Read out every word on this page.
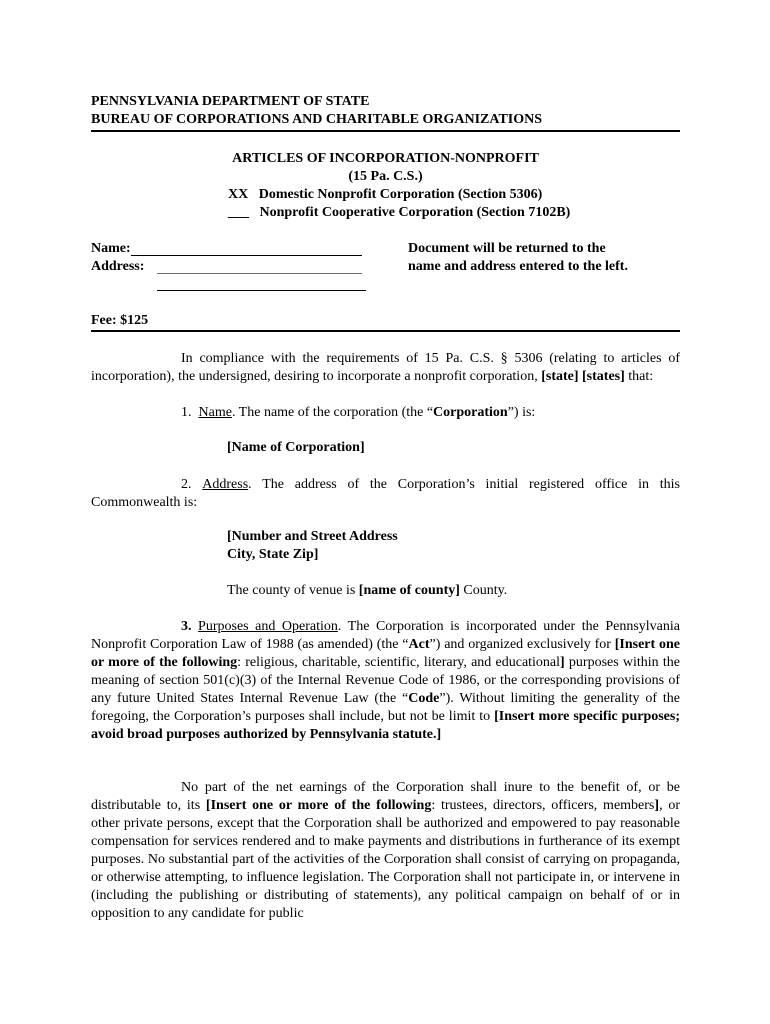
PENNSYLVANIA DEPARTMENT OF STATE
BUREAU OF CORPORATIONS AND CHARITABLE ORGANIZATIONS
ARTICLES OF INCORPORATION-NONPROFIT
(15 Pa. C.S.)
XX Domestic Nonprofit Corporation (Section 5306)
___ Nonprofit Cooperative Corporation (Section 7102B)
Name:
Address:
Document will be returned to the
name and address entered to the left.
Fee: $125
In compliance with the requirements of 15 Pa. C.S. § 5306 (relating to articles of incorporation), the undersigned, desiring to incorporate a nonprofit corporation, [state] [states] that:
1. Name. The name of the corporation (the “Corporation”) is:
[Name of Corporation]
2. Address. The address of the Corporation’s initial registered office in this Commonwealth is:
[Number and Street Address
City, State Zip]
The county of venue is [name of county] County.
3. Purposes and Operation. The Corporation is incorporated under the Pennsylvania Nonprofit Corporation Law of 1988 (as amended) (the “Act”) and organized exclusively for [Insert one or more of the following: religious, charitable, scientific, literary, and educational] purposes within the meaning of section 501(c)(3) of the Internal Revenue Code of 1986, or the corresponding provisions of any future United States Internal Revenue Law (the “Code”). Without limiting the generality of the foregoing, the Corporation’s purposes shall include, but not be limit to [Insert more specific purposes; avoid broad purposes authorized by Pennsylvania statute.]
No part of the net earnings of the Corporation shall inure to the benefit of, or be distributable to, its [Insert one or more of the following: trustees, directors, officers, members], or other private persons, except that the Corporation shall be authorized and empowered to pay reasonable compensation for services rendered and to make payments and distributions in furtherance of its exempt purposes. No substantial part of the activities of the Corporation shall consist of carrying on propaganda, or otherwise attempting, to influence legislation. The Corporation shall not participate in, or intervene in (including the publishing or distributing of statements), any political campaign on behalf of or in opposition to any candidate for public
